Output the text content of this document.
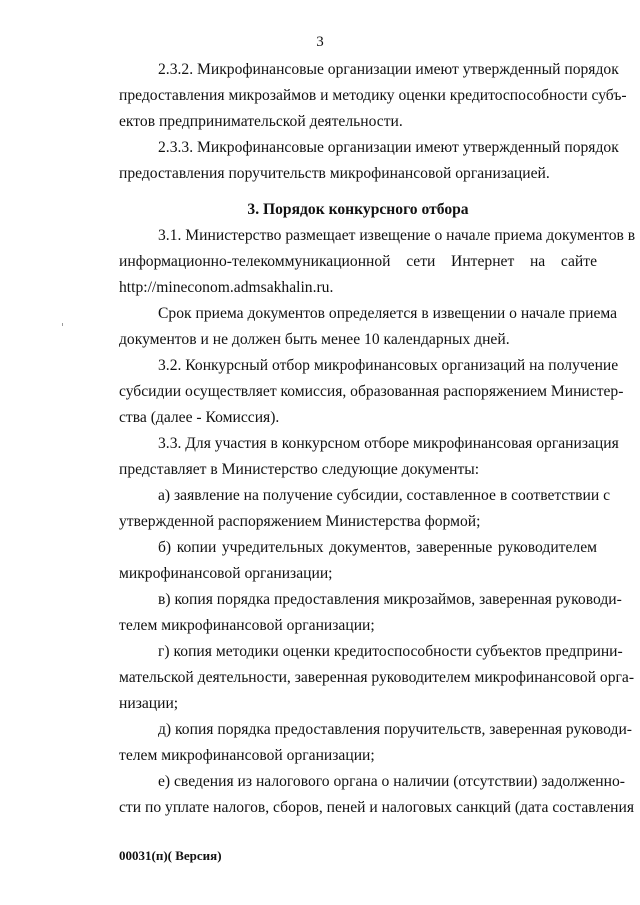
3
2.3.2. Микрофинансовые организации имеют утвержденный порядок
предоставления микрозаймов и методику оценки кредитоспособности субъ-
ектов предпринимательской деятельности.
2.3.3. Микрофинансовые организации имеют утвержденный порядок
предоставления поручительств микрофинансовой организацией.
3. Порядок конкурсного отбора
3.1. Министерство размещает извещение о начале приема документов в
информационно-телекоммуникационной сети Интернет на сайте
http://mineconom.admsakhalin.ru.
Срок приема документов определяется в извещении о начале приема
документов и не должен быть менее 10 календарных дней.
3.2. Конкурсный отбор микрофинансовых организаций на получение
субсидии осуществляет комиссия, образованная распоряжением Министер-
ства (далее - Комиссия).
3.3. Для участия в конкурсном отборе микрофинансовая организация
представляет в Министерство следующие документы:
а) заявление на получение субсидии, составленное в соответствии с
утвержденной распоряжением Министерства формой;
б) копии учредительных документов, заверенные руководителем
микрофинансовой организации;
в) копия порядка предоставления микрозаймов, заверенная руководи-
телем микрофинансовой организации;
г) копия методики оценки кредитоспособности субъектов предприни-
мательской деятельности, заверенная руководителем микрофинансовой орга-
низации;
д) копия порядка предоставления поручительств, заверенная руководи-
телем микрофинансовой организации;
е) сведения из налогового органа о наличии (отсутствии) задолженно-
сти по уплате налогов, сборов, пеней и налоговых санкций (дата составления
00031(п)( Версия)
